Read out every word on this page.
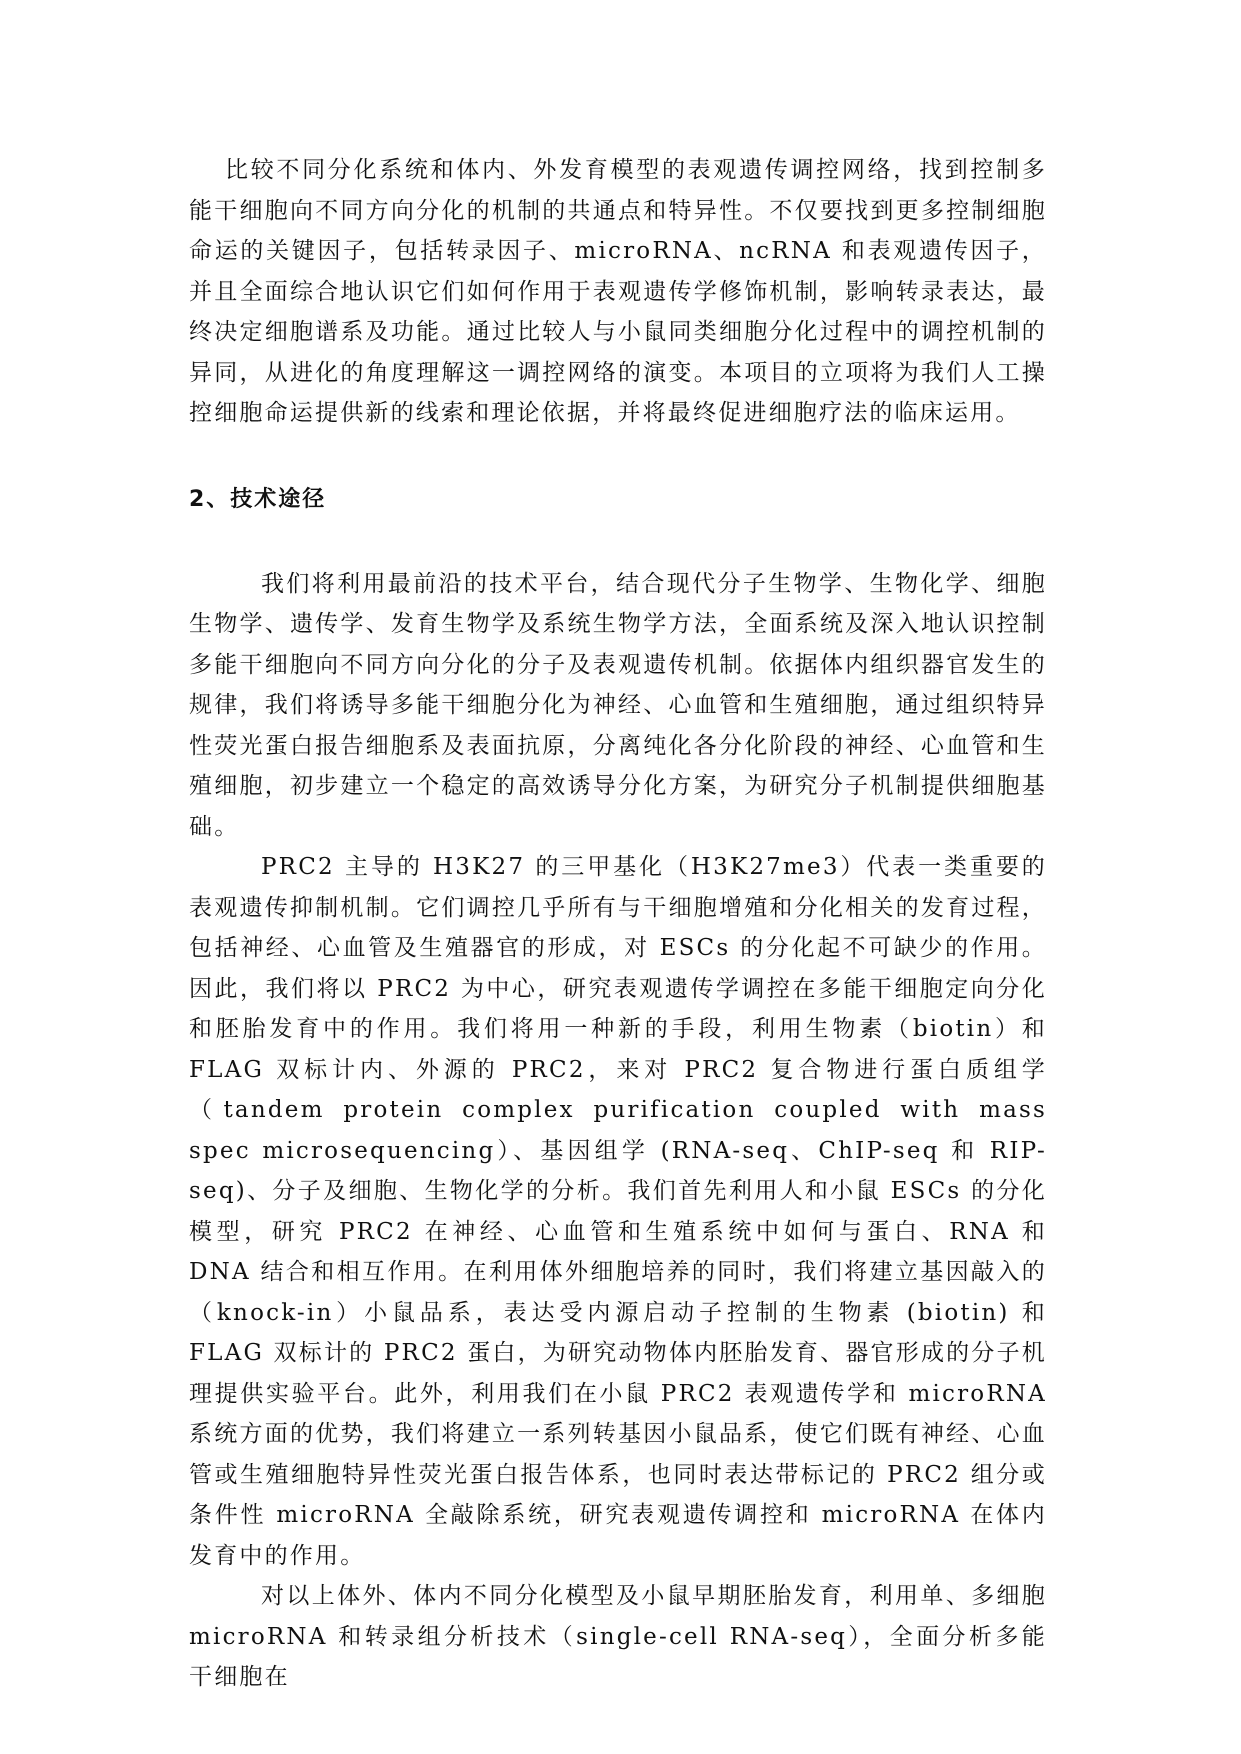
比较不同分化系统和体内、外发育模型的表观遗传调控网络，找到控制多能干细胞向不同方向分化的机制的共通点和特异性。不仅要找到更多控制细胞命运的关键因子，包括转录因子、microRNA、ncRNA 和表观遗传因子，并且全面综合地认识它们如何作用于表观遗传学修饰机制，影响转录表达，最终决定细胞谱系及功能。通过比较人与小鼠同类细胞分化过程中的调控机制的异同，从进化的角度理解这一调控网络的演变。本项目的立项将为我们人工操控细胞命运提供新的线索和理论依据，并将最终促进细胞疗法的临床运用。

2、技术途径

我们将利用最前沿的技术平台，结合现代分子生物学、生物化学、细胞生物学、遗传学、发育生物学及系统生物学方法，全面系统及深入地认识控制多能干细胞向不同方向分化的分子及表观遗传机制。依据体内组织器官发生的规律，我们将诱导多能干细胞分化为神经、心血管和生殖细胞，通过组织特异性荧光蛋白报告细胞系及表面抗原，分离纯化各分化阶段的神经、心血管和生殖细胞，初步建立一个稳定的高效诱导分化方案，为研究分子机制提供细胞基础。

PRC2 主导的 H3K27 的三甲基化（H3K27me3）代表一类重要的表观遗传抑制机制。它们调控几乎所有与干细胞增殖和分化相关的发育过程，包括神经、心血管及生殖器官的形成，对 ESCs 的分化起不可缺少的作用。因此，我们将以 PRC2 为中心，研究表观遗传学调控在多能干细胞定向分化和胚胎发育中的作用。我们将用一种新的手段，利用生物素（biotin）和 FLAG 双标计内、外源的 PRC2，来对 PRC2 复合物进行蛋白质组学（tandem protein complex purification coupled with mass spec microsequencing）、基因组学 (RNA-seq、ChIP-seq 和 RIP-seq)、分子及细胞、生物化学的分析。我们首先利用人和小鼠 ESCs 的分化模型，研究 PRC2 在神经、心血管和生殖系统中如何与蛋白、RNA 和 DNA 结合和相互作用。在利用体外细胞培养的同时，我们将建立基因敲入的（knock-in）小鼠品系，表达受内源启动子控制的生物素 (biotin) 和 FLAG 双标计的 PRC2 蛋白，为研究动物体内胚胎发育、器官形成的分子机理提供实验平台。此外，利用我们在小鼠 PRC2 表观遗传学和 microRNA 系统方面的优势，我们将建立一系列转基因小鼠品系，使它们既有神经、心血管或生殖细胞特异性荧光蛋白报告体系，也同时表达带标记的 PRC2 组分或条件性 microRNA 全敲除系统，研究表观遗传调控和 microRNA 在体内发育中的作用。

对以上体外、体内不同分化模型及小鼠早期胚胎发育，利用单、多细胞 microRNA 和转录组分析技术（single-cell RNA-seq），全面分析多能干细胞在
